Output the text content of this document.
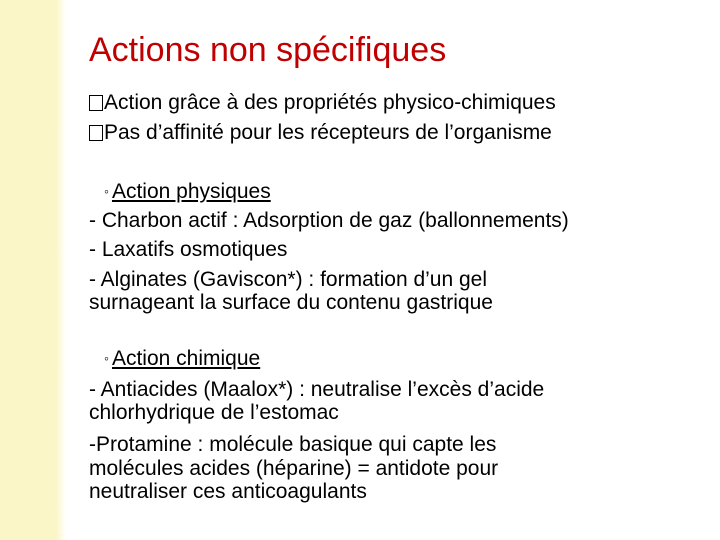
Actions non spécifiques
Action grâce à des propriétés physico-chimiques
Pas d’affinité pour les récepteurs de l’organisme
◦ Action physiques
- Charbon actif : Adsorption de gaz (ballonnements)
- Laxatifs osmotiques
- Alginates (Gaviscon*) : formation d’un gel
surnageant la surface du contenu gastrique
◦ Action chimique
- Antiacides (Maalox*) : neutralise l’excès d’acide
chlorhydrique de l’estomac
-Protamine : molécule basique qui capte les
molécules acides (héparine) = antidote pour
neutraliser ces anticoagulants
